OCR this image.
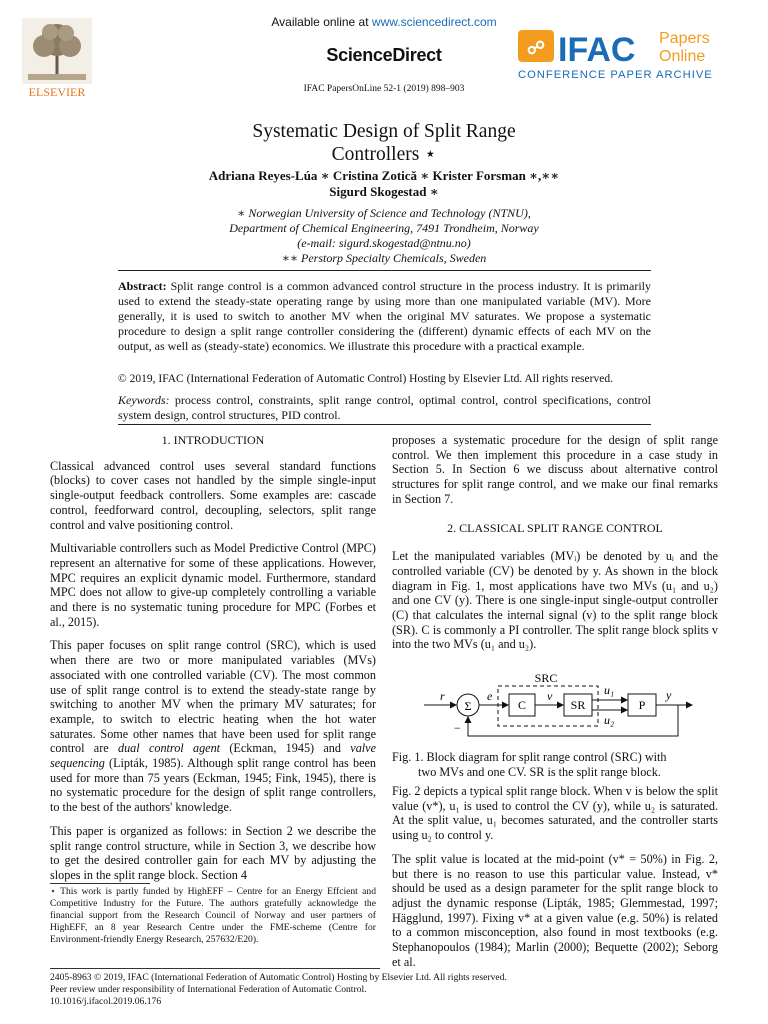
ELSEVIER
Available online at www.sciencedirect.com
ScienceDirect
IFAC PapersOnLine 52-1 (2019) 898–903
☍ IFAC Papers
Online
CONFERENCE PAPER ARCHIVE
Systematic Design of Split Range
Controllers ⋆
Adriana Reyes-Lúa ∗ Cristina Zotică ∗ Krister Forsman ∗,∗∗
Sigurd Skogestad ∗
∗ Norwegian University of Science and Technology (NTNU),
Department of Chemical Engineering, 7491 Trondheim, Norway
(e-mail: sigurd.skogestad@ntnu.no)
∗∗ Perstorp Specialty Chemicals, Sweden
Abstract: Split range control is a common advanced control structure in the process industry. It is primarily used to extend the steady-state operating range by using more than one manipulated variable (MV). More generally, it is used to switch to another MV when the original MV saturates. We propose a systematic procedure to design a split range controller considering the (different) dynamic effects of each MV on the output, as well as (steady-state) economics. We illustrate this procedure with a practical example.
© 2019, IFAC (International Federation of Automatic Control) Hosting by Elsevier Ltd. All rights reserved.
Keywords: process control, constraints, split range control, optimal control, control specifications, control system design, control structures, PID control.
1. INTRODUCTION

Classical advanced control uses several standard functions (blocks) to cover cases not handled by the simple single-input single-output feedback controllers. Some examples are: cascade control, feedforward control, decoupling, selectors, split range control and valve positioning control.

Multivariable controllers such as Model Predictive Control (MPC) represent an alternative for some of these applications. However, MPC requires an explicit dynamic model. Furthermore, standard MPC does not allow to give-up completely controlling a variable and there is no systematic tuning procedure for MPC (Forbes et al., 2015).

This paper focuses on split range control (SRC), which is used when there are two or more manipulated variables (MVs) associated with one controlled variable (CV). The most common use of split range control is to extend the steady-state range by switching to another MV when the primary MV saturates; for example, to switch to electric heating when the hot water saturates. Some other names that have been used for split range control are dual control agent (Eckman, 1945) and valve sequencing (Lipták, 1985). Although split range control has been used for more than 75 years (Eckman, 1945; Fink, 1945), there is no systematic procedure for the design of split range controllers, to the best of the authors' knowledge.

This paper is organized as follows: in Section 2 we describe the split range control structure, while in Section 3, we describe how to get the desired controller gain for each MV by adjusting the slopes in the split range block. Section 4

⋆ This work is partly funded by HighEFF – Centre for an Energy Effcient and Competitive Industry for the Future. The authors gratefully acknowledge the financial support from the Research Council of Norway and user partners of HighEFF, an 8 year Research Centre under the FME-scheme (Centre for Environment-friendly Energy Research, 257632/E20).

proposes a systematic procedure for the design of split range control. We then implement this procedure in a case study in Section 5. In Section 6 we discuss about alternative control structures for split range control, and we make our final remarks in Section 7.

2. CLASSICAL SPLIT RANGE CONTROL

Let the manipulated variables (MVᵢ) be denoted by uᵢ and the controlled variable (CV) be denoted by y. As shown in the block diagram in Fig. 1, most applications have two MVs (u₁ and u₂) and one CV (y). There is one single-input single-output controller (C) that calculates the internal signal (v) to the split range block (SR). C is commonly a PI controller. The split range block splits v into the two MVs (u₁ and u₂).

SRC
r
Σ
e
C
v
SR
u₁
u₂
P
y
−
Fig. 1. Block diagram for split range control (SRC) with
two MVs and one CV. SR is the split range block.

Fig. 2 depicts a typical split range block. When v is below the split value (v*), u₁ is used to control the CV (y), while u₂ is saturated. At the split value, u₁ becomes saturated, and the controller starts using u₂ to control y.

The split value is located at the mid-point (v* = 50%) in Fig. 2, but there is no reason to use this particular value. Instead, v* should be used as a design parameter for the split range block to adjust the dynamic response (Lipták, 1985; Glemmestad, 1997; Hägglund, 1997). Fixing v* at a given value (e.g. 50%) is related to a common misconception, also found in most textbooks (e.g. Stephanopoulos (1984); Marlin (2000); Bequette (2002); Seborg et al.

2405-8963 © 2019, IFAC (International Federation of Automatic Control) Hosting by Elsevier Ltd. All rights reserved.
Peer review under responsibility of International Federation of Automatic Control.
10.1016/j.ifacol.2019.06.176
